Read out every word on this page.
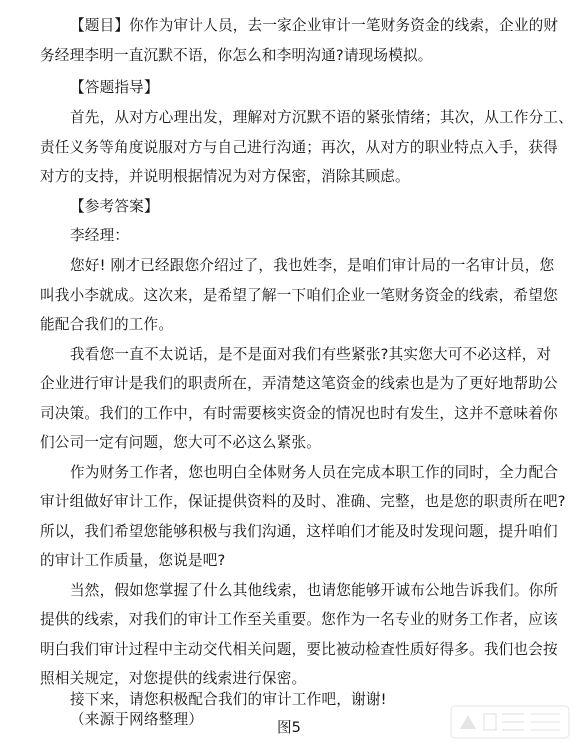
【题目】你作为审计人员，去一家企业审计一笔财务资金的线索，企业的财
务经理李明一直沉默不语，你怎么和李明沟通?请现场模拟。
【答题指导】
首先，从对方心理出发，理解对方沉默不语的紧张情绪；其次，从工作分工、
责任义务等角度说服对方与自己进行沟通；再次，从对方的职业特点入手，获得
对方的支持，并说明根据情况为对方保密，消除其顾虑。
【参考答案】
李经理：
您好! 刚才已经跟您介绍过了，我也姓李，是咱们审计局的一名审计员，您
叫我小李就成。这次来，是希望了解一下咱们企业一笔财务资金的线索，希望您
能配合我们的工作。
我看您一直不太说话，是不是面对我们有些紧张?其实您大可不必这样，对
企业进行审计是我们的职责所在，弄清楚这笔资金的线索也是为了更好地帮助公
司决策。我们的工作中，有时需要核实资金的情况也时有发生，这并不意味着你
们公司一定有问题，您大可不必这么紧张。
作为财务工作者，您也明白全体财务人员在完成本职工作的同时，全力配合
审计组做好审计工作，保证提供资料的及时、准确、完整，也是您的职责所在吧?
所以，我们希望您能够积极与我们沟通，这样咱们才能及时发现问题，提升咱们
的审计工作质量，您说是吧?
当然，假如您掌握了什么其他线索，也请您能够开诚布公地告诉我们。你所
提供的线索，对我们的审计工作至关重要。您作为一名专业的财务工作者，应该
明白我们审计过程中主动交代相关问题，要比被动检查性质好得多。我们也会按
照相关规定，对您提供的线索进行保密。
接下来，请您积极配合我们的审计工作吧，谢谢!
（来源于网络整理）	图5
